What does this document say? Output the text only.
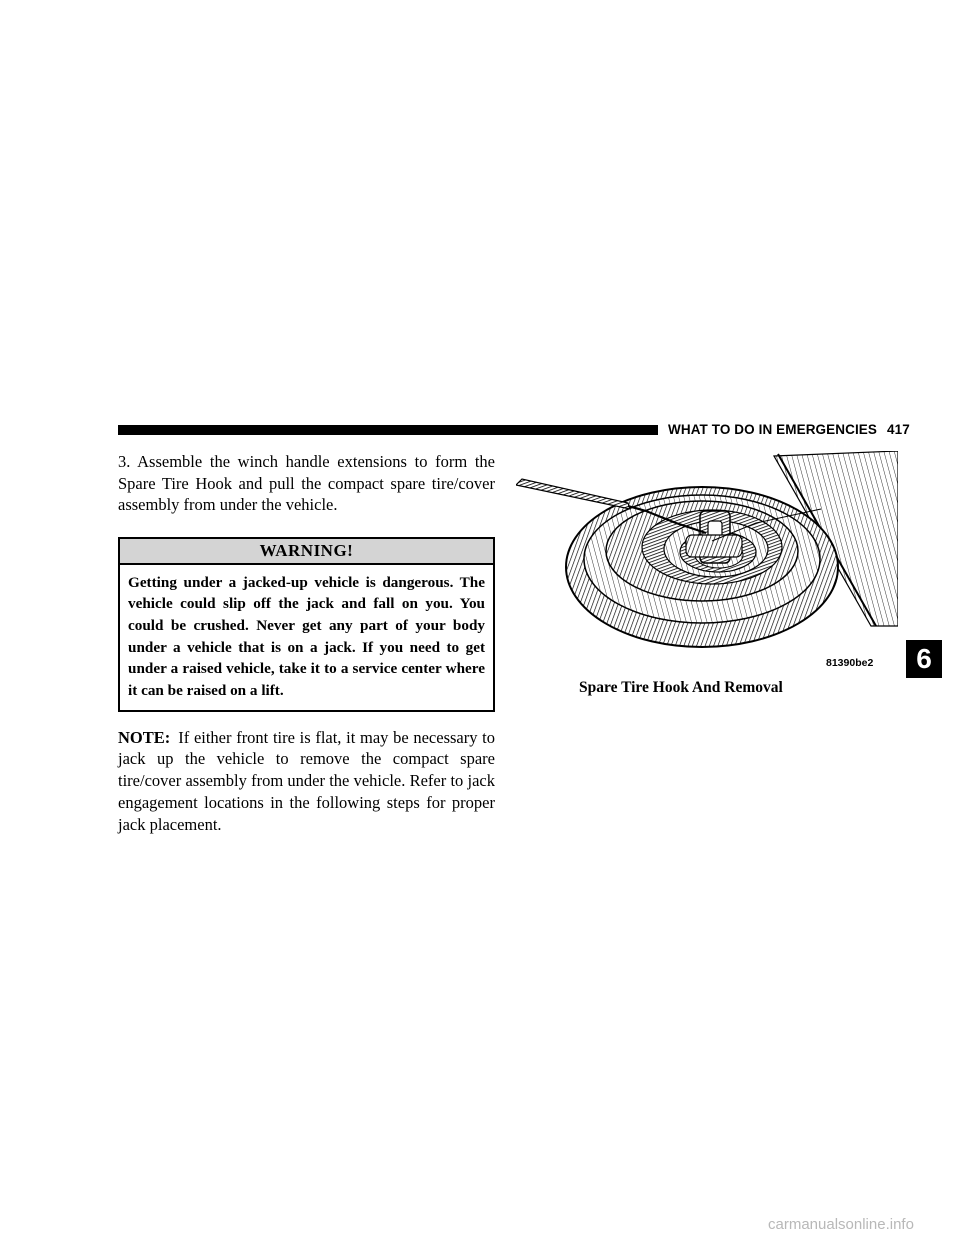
WHAT TO DO IN EMERGENCIES 417

3. Assemble the winch handle extensions to form the Spare Tire Hook and pull the compact spare tire/cover assembly from under the vehicle.

WARNING!
Getting under a jacked-up vehicle is dangerous. The vehicle could slip off the jack and fall on you. You could be crushed. Never get any part of your body under a vehicle that is on a jack. If you need to get under a raised vehicle, take it to a service center where it can be raised on a lift.

NOTE: If either front tire is flat, it may be necessary to jack up the vehicle to remove the compact spare tire/cover assembly from under the vehicle. Refer to jack engagement locations in the following steps for proper jack placement.

81390be2
Spare Tire Hook And Removal
6
carmanualsonline.info
